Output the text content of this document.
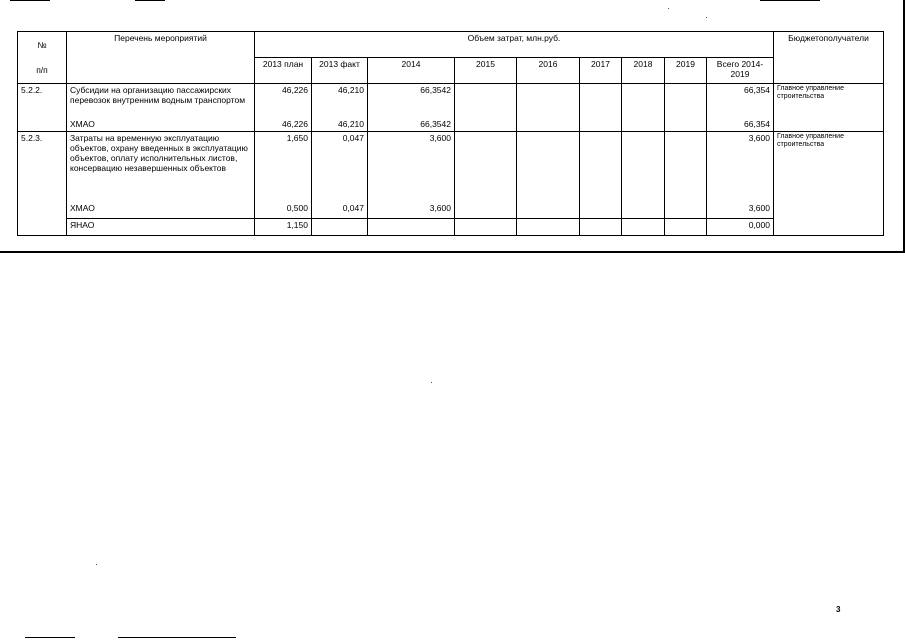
№	Перечень мероприятий	Объем затрат, млн.руб.									Бюджетополучатели
п/п		2013 план	2013 факт	2014	2015	2016	2017	2018	2019	Всего 2014-2019	
5.2.2.	Субсидии на организацию пассажирских перевозок внутренним водным транспортом	46,226	46,210	66,3542						66,354	Главное управление строительства
	ХМАО	46,226	46,210	66,3542						66,354	
5.2.3.	Затраты на временную эксплуатацию объектов, охрану введенных в эксплуатацию объектов, оплату исполнительных листов, консервацию незавершенных объектов	1,650	0,047	3,600						3,600	Главное управление строительства
	ХМАО	0,500	0,047	3,600						3,600	
	ЯНАО	1,150								0,000	
3
